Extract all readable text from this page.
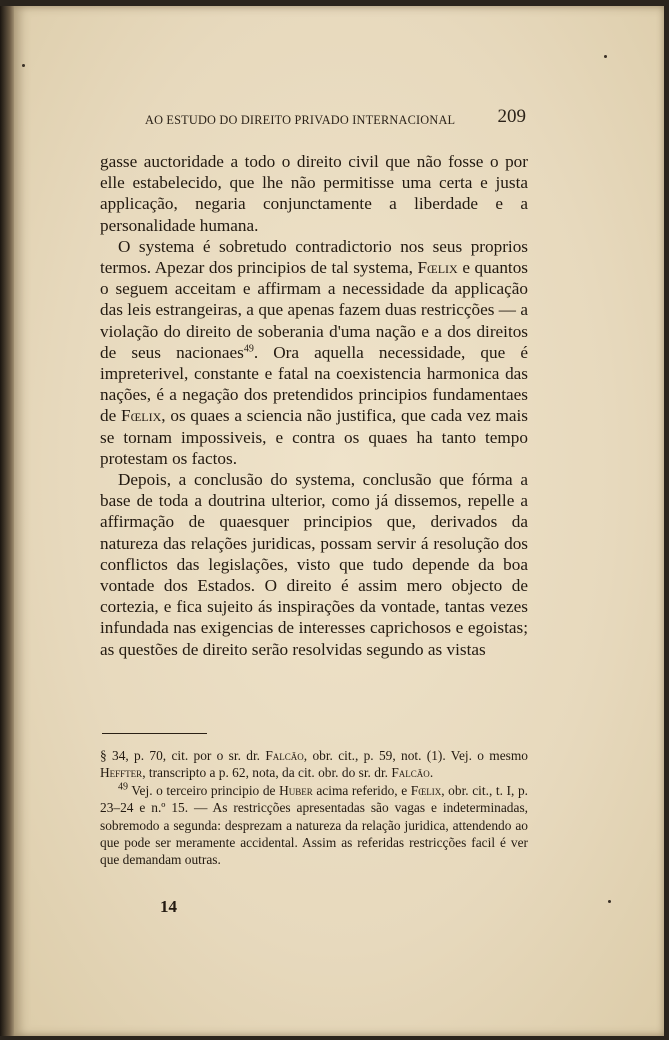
AO ESTUDO DO DIREITO PRIVADO INTERNACIONAL 209

gasse auctoridade a todo o direito civil que não fosse o por elle estabelecido, que lhe não permitisse uma certa e justa applicação, negaria conjunctamente a liberdade e a personalidade humana.

O systema é sobretudo contradictorio nos seus proprios termos. Apezar dos principios de tal systema, Fœlix e quantos o seguem acceitam e affirmam a necessidade da applicação das leis estrangeiras, a que apenas fazem duas restricções — a violação do direito de soberania d'uma nação e a dos direitos de seus nacionaes$^{49}$. Ora aquella necessidade, que é impreterivel, constante e fatal na coexistencia harmonica das nações, é a negação dos pretendidos principios fundamentaes de Fœlix, os quaes a sciencia não justifica, que cada vez mais se tornam impossiveis, e contra os quaes ha tanto tempo protestam os factos.

Depois, a conclusão do systema, conclusão que fórma a base de toda a doutrina ulterior, como já dissemos, repelle a affirmação de quaesquer principios que, derivados da natureza das relações juridicas, possam servir á resolução dos conflictos das legislações, visto que tudo depende da boa vontade dos Estados. O direito é assim mero objecto de cortezia, e fica sujeito ás inspirações da vontade, tantas vezes infundada nas exigencias de interesses caprichosos e egoistas; as questões de direito serão resolvidas segundo as vistas

§ 34, p. 70, cit. por o sr. dr. Falcão, obr. cit., p. 59, not. (1). Vej. o mesmo Heffter, transcripto a p. 62, nota, da cit. obr. do sr. dr. Falcão.

$^{49}$ Vej. o terceiro principio de Huber acima referido, e Fœlix, obr. cit., t. I, p. 23–24 e n.º 15. — As restricções apresentadas são vagas e indeterminadas, sobremodo a segunda: desprezam a natureza da relação juridica, attendendo ao que pode ser meramente accidental. Assim as referidas restricções facil é ver que demandam outras.

14
